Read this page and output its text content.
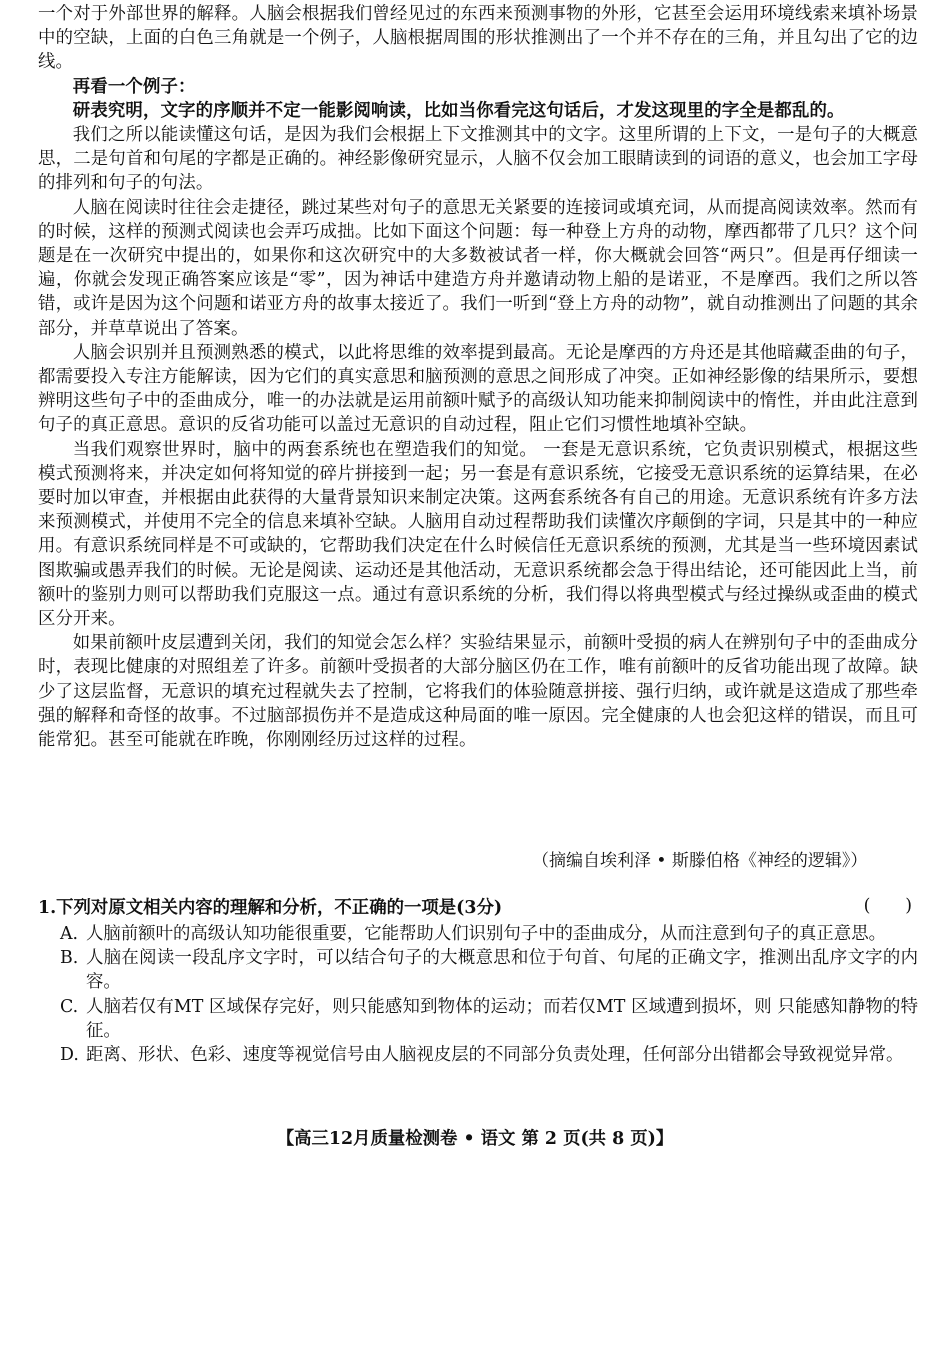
一个对于外部世界的解释。人脑会根据我们曾经见过的东西来预测事物的外形，它甚至会运用环境线索来填补场景中的空缺，上面的白色三角就是一个例子，人脑根据周围的形状推测出了一个并不存在的三角，并且勾出了它的边线。

再看一个例子：

研表究明，文字的序顺并不定一能影阅响读，比如当你看完这句话后，才发这现里的字全是都乱的。

我们之所以能读懂这句话，是因为我们会根据上下文推测其中的文字。这里所谓的上下文，一是句子的大概意思，二是句首和句尾的字都是正确的。神经影像研究显示，人脑不仅会加工眼睛读到的词语的意义，也会加工字母的排列和句子的句法。

人脑在阅读时往往会走捷径，跳过某些对句子的意思无关紧要的连接词或填充词，从而提高阅读效率。然而有的时候，这样的预测式阅读也会弄巧成拙。比如下面这个问题：每一种登上方舟的动物，摩西都带了几只？这个问题是在一次研究中提出的，如果你和这次研究中的大多数被试者一样，你大概就会回答“两只”。但是再仔细读一遍，你就会发现正确答案应该是“零”，因为神话中建造方舟并邀请动物上船的是诺亚，不是摩西。我们之所以答错，或许是因为这个问题和诺亚方舟的故事太接近了。我们一听到“登上方舟的动物”，就自动推测出了问题的其余部分，并草草说出了答案。

人脑会识别并且预测熟悉的模式，以此将思维的效率提到最高。无论是摩西的方舟还是其他暗藏歪曲的句子，都需要投入专注方能解读，因为它们的真实意思和脑预测的意思之间形成了冲突。正如神经影像的结果所示，要想辨明这些句子中的歪曲成分，唯一的办法就是运用前额叶赋予的高级认知功能来抑制阅读中的惰性，并由此注意到句子的真正意思。意识的反省功能可以盖过无意识的自动过程，阻止它们习惯性地填补空缺。

当我们观察世界时，脑中的两套系统也在塑造我们的知觉。 一套是无意识系统，它负责识别模式，根据这些模式预测将来，并决定如何将知觉的碎片拼接到一起；另一套是有意识系统，它接受无意识系统的运算结果，在必要时加以审查，并根据由此获得的大量背景知识来制定决策。这两套系统各有自己的用途。无意识系统有许多方法来预测模式，并使用不完全的信息来填补空缺。人脑用自动过程帮助我们读懂次序颠倒的字词，只是其中的一种应用。有意识系统同样是不可或缺的，它帮助我们决定在什么时候信任无意识系统的预测，尤其是当一些环境因素试图欺骗或愚弄我们的时候。无论是阅读、运动还是其他活动，无意识系统都会急于得出结论，还可能因此上当，前额叶的鉴别力则可以帮助我们克服这一点。通过有意识系统的分析，我们得以将典型模式与经过操纵或歪曲的模式区分开来。

如果前额叶皮层遭到关闭，我们的知觉会怎么样？实验结果显示，前额叶受损的病人在辨别句子中的歪曲成分时，表现比健康的对照组差了许多。前额叶受损者的大部分脑区仍在工作，唯有前额叶的反省功能出现了故障。缺少了这层监督，无意识的填充过程就失去了控制，它将我们的体验随意拼接、强行归纳，或许就是这造成了那些牵强的解释和奇怪的故事。不过脑部损伤并不是造成这种局面的唯一原因。完全健康的人也会犯这样的错误，而且可能常犯。甚至可能就在昨晚，你刚刚经历过这样的过程。

（摘编自埃利泽 • 斯滕伯格《神经的逻辑》）
1.下列对原文相关内容的理解和分析，不正确的一项是(3分)	(　　)
A. 人脑前额叶的高级认知功能很重要，它能帮助人们识别句子中的歪曲成分，从而注意到句子的真正意思。
B. 人脑在阅读一段乱序文字时，可以结合句子的大概意思和位于句首、句尾的正确文字，推测出乱序文字的内容。
C. 人脑若仅有MT 区域保存完好，则只能感知到物体的运动；而若仅MT 区域遭到损坏，则 只能感知静物的特征。
D. 距离、形状、色彩、速度等视觉信号由人脑视皮层的不同部分负责处理，任何部分出错都会导致视觉异常。
【高三12月质量检测卷 • 语文 第 2 页(共 8 页)】
